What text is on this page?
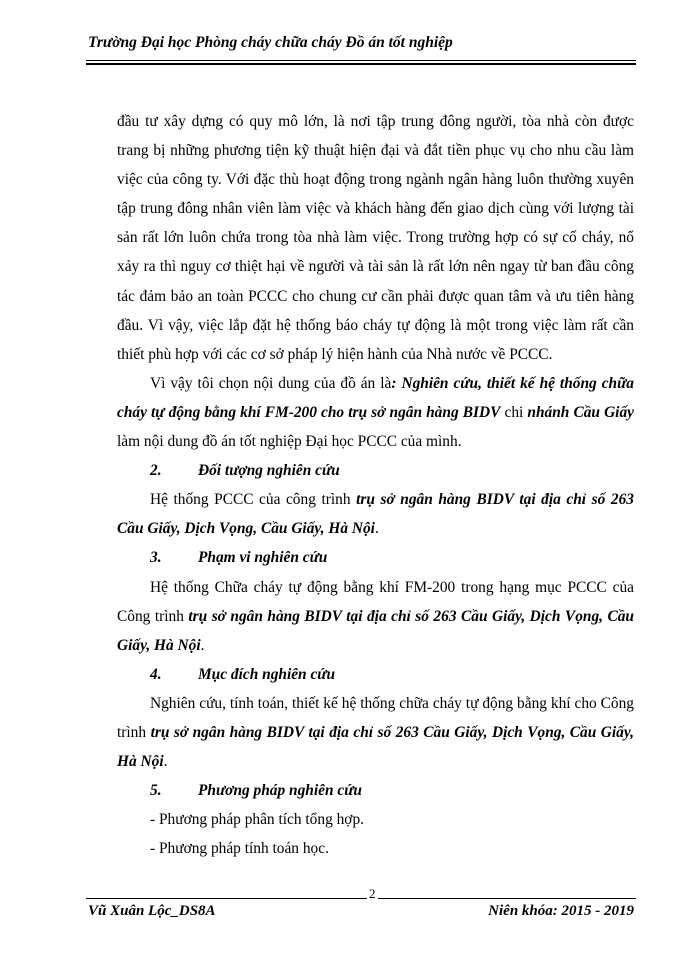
Trường Đại học Phòng cháy chữa cháy Đồ án tốt nghiệp

đầu tư xây dựng có quy mô lớn, là nơi tập trung đông người, tòa nhà còn được trang bị những phương tiện kỹ thuật hiện đại và đắt tiền phục vụ cho nhu cầu làm việc của công ty. Với đặc thù hoạt động trong ngành ngân hàng luôn thường xuyên tập trung đông nhân viên làm việc và khách hàng đến giao dịch cùng với lượng tài sản rất lớn luôn chứa trong tòa nhà làm việc. Trong trường hợp có sự cố cháy, nổ xảy ra thì nguy cơ thiệt hại về người và tài sản là rất lớn nên ngay từ ban đầu công tác đảm bảo an toàn PCCC cho chung cư cần phải được quan tâm và ưu tiên hàng đầu. Vì vậy, việc lắp đặt hệ thống báo cháy tự động là một trong việc làm rất cần thiết phù hợp với các cơ sở pháp lý hiện hành của Nhà nước về PCCC.

Vì vậy tôi chọn nội dung của đồ án là: Nghiên cứu, thiết kế hệ thống chữa cháy tự động bằng khí FM-200 cho trụ sở ngân hàng BIDV chi nhánh Cầu Giấy làm nội dung đồ án tốt nghiệp Đại học PCCC của mình.

2. Đối tượng nghiên cứu

Hệ thống PCCC của công trình trụ sở ngân hàng BIDV tại địa chỉ số 263 Cầu Giấy, Dịch Vọng, Cầu Giấy, Hà Nội.

3. Phạm vi nghiên cứu

Hệ thống Chữa cháy tự động bằng khí FM-200 trong hạng mục PCCC của Công trình trụ sở ngân hàng BIDV tại địa chỉ số 263 Cầu Giấy, Dịch Vọng, Cầu Giấy, Hà Nội.

4. Mục đích nghiên cứu

Nghiên cứu, tính toán, thiết kế hệ thống chữa cháy tự động bằng khí cho Công trình trụ sở ngân hàng BIDV tại địa chỉ số 263 Cầu Giấy, Dịch Vọng, Cầu Giấy, Hà Nội.

5. Phương pháp nghiên cứu

- Phương pháp phân tích tổng hợp.

- Phương pháp tính toán học.

2
Vũ Xuân Lộc_DS8A	Niên khóa: 2015 - 2019
